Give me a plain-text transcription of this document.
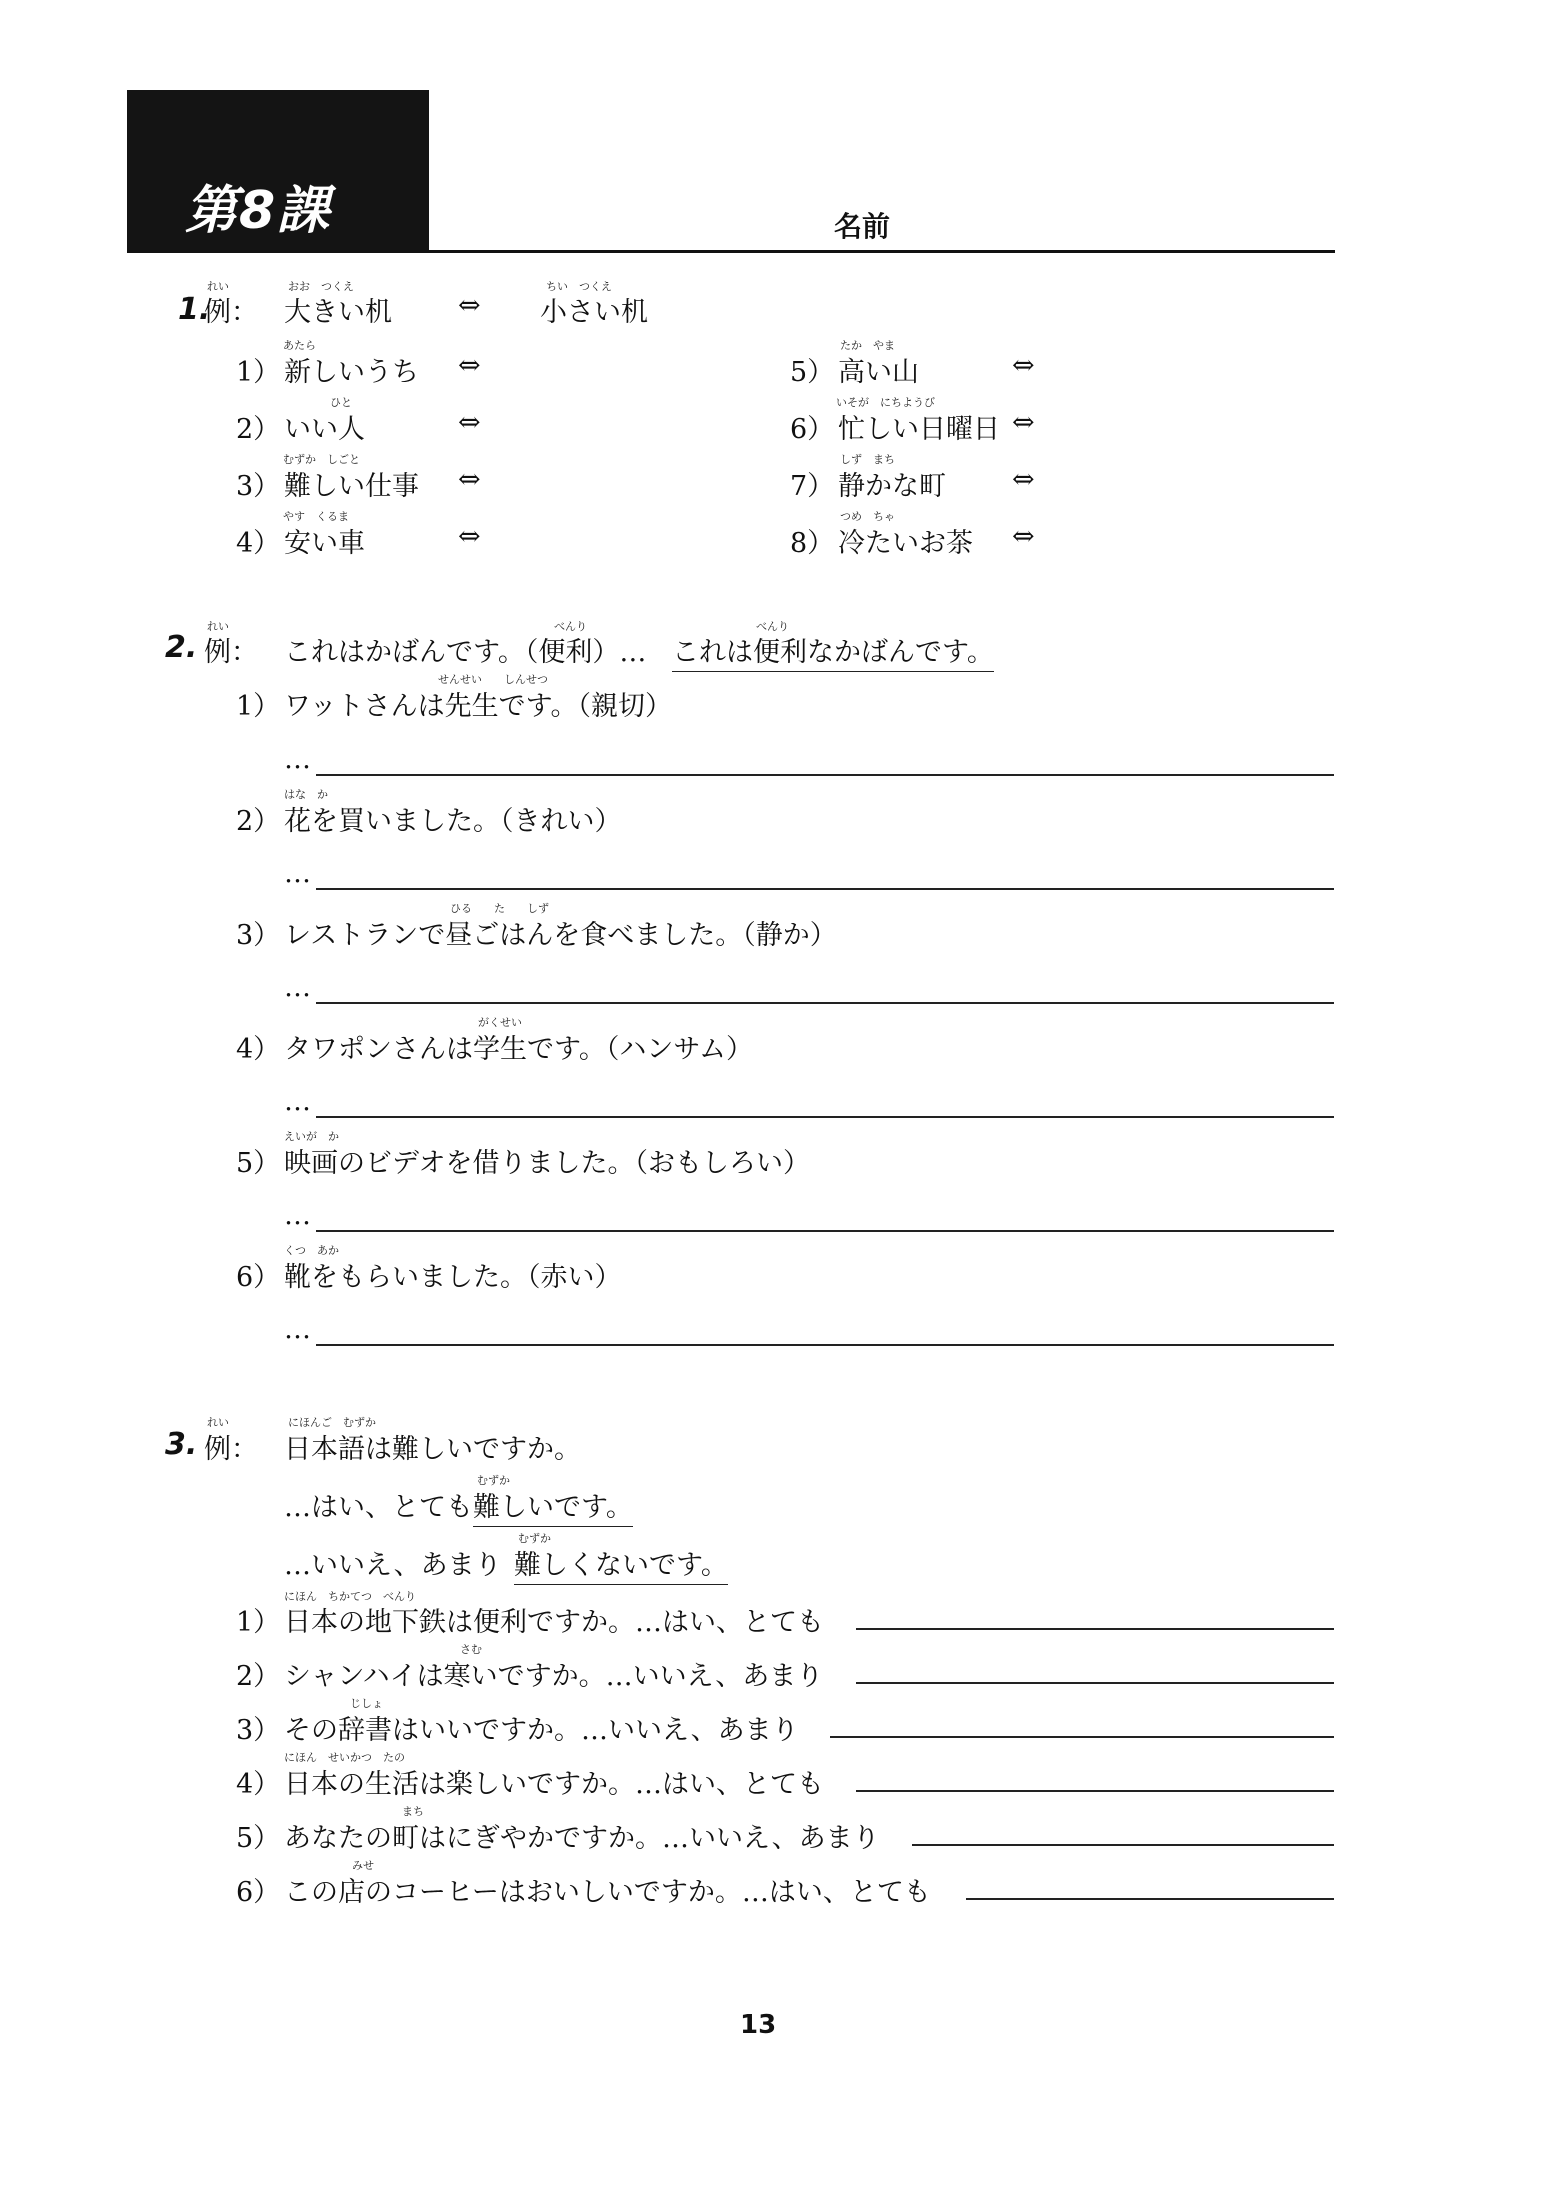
第8課	名前
1.
れい
例：
おお　つくえ
大きい机 ⇔
ちい　つくえ
小さい机
あたら
1） 新しいうち ⇔
ひと
2） いい人	⇔
むずか　しごと
3） 難しい仕事 ⇔
やす　くるま
4） 安い車	⇔
たか　やま
5） 高い山	⇔
いそが　にちようび
6） 忙しい日曜日 ⇔
しず　まち
7） 静かな町 ⇔
つめ　ちゃ
8） 冷たいお茶 ⇔
2.
れい
例：
べんり
これはかばんです。（便利）…
べんり
これは便利なかばんです。
せんせい　　しんせつ
1） ワットさんは先生です。（親切）
…
はな　か
2） 花を買いました。（きれい）
…
ひる　　た　　しず
3） レストランで昼ごはんを食べました。（静か）
…
がくせい
4） タワポンさんは学生です。（ハンサム）
…
えいが　か
5） 映画のビデオを借りました。（おもしろい）
…
くつ　あか
6） 靴をもらいました。（赤い）
…
3.
れい
例：
にほんご　むずか
日本語は難しいですか。
…はい、とても
むずか
難しいです。
…いいえ、あまり
むずか
難しくないです。
にほん　ちかてつ　べんり
1） 日本の地下鉄は便利ですか。…はい、とても
さむ
2） シャンハイは寒いですか。…いいえ、あまり
じしょ
3） その辞書はいいですか。…いいえ、あまり
にほん　せいかつ　たの
4） 日本の生活は楽しいですか。…はい、とても
まち
5） あなたの町はにぎやかですか。…いいえ、あまり
みせ
6） この店のコーヒーはおいしいですか。…はい、とても
13
